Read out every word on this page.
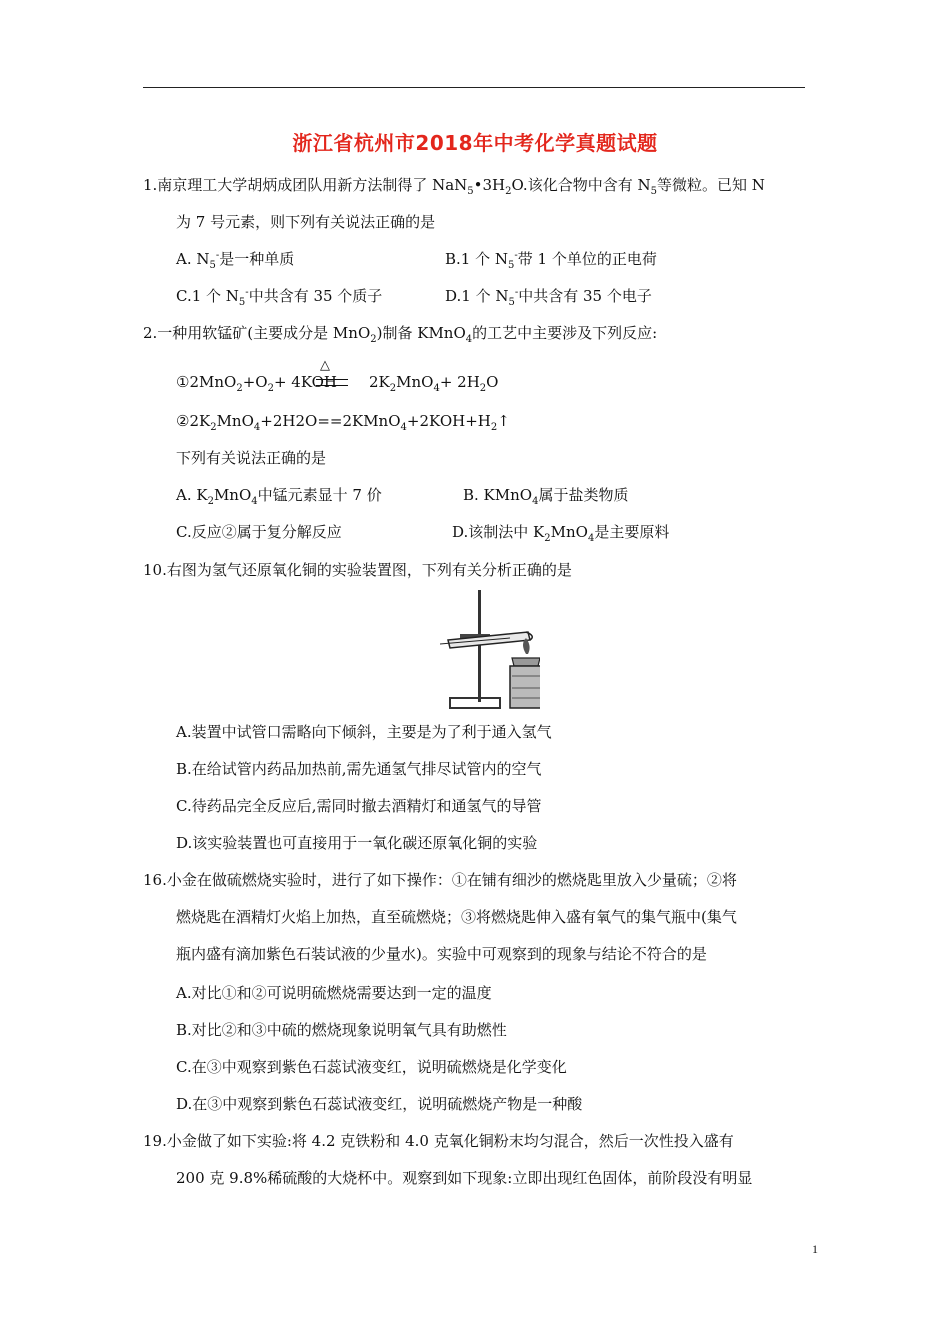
浙江省杭州市2018年中考化学真题试题
1.南京理工大学胡炳成团队用新方法制得了 $NaN_5•3H_2O$.该化合物中含有 $N_5$等微粒。已知 N
为 7 号元素，则下列有关说法正确的是
A. $N_5^-$是一种单质	B.1 个 $N_5^-$带 1 个单位的正电荷
C.1 个 $N_5^-$中共含有 35 个质子	D.1 个 $N_5^-$中共含有 35 个电子
2.一种用软锰矿(主要成分是 MnO$_2$)制备 KMnO$_4$的工艺中主要涉及下列反应:
△
$①2MnO_2+O_2+ 4KOH$ $2K_2MnO_4+ 2H_2O$
$②2K_2MnO_4+2H2O==2KMnO_4+2KOH+H_2↑$
下列有关说法正确的是
A. $K_2MnO_4$中锰元素显十 7 价	B. KMnO$_4$属于盐类物质
C.反应②属于复分解反应	D.该制法中 $K_2MnO_4$是主要原料
10.右图为氢气还原氧化铜的实验装置图，下列有关分析正确的是
A.装置中试管口需略向下倾斜，主要是为了利于通入氢气
B.在给试管内药品加热前,需先通氢气排尽试管内的空气
C.待药品完全反应后,需同时撤去酒精灯和通氢气的导管
D.该实验装置也可直接用于一氧化碳还原氧化铜的实验
16.小金在做硫燃烧实验时，进行了如下操作：①在铺有细沙的燃烧匙里放入少量硫；②将
燃烧匙在酒精灯火焰上加热，直至硫燃烧；③将燃烧匙伸入盛有氧气的集气瓶中(集气
瓶内盛有滴加紫色石装试液的少量水)。实验中可观察到的现象与结论不符合的是
A.对比①和②可说明硫燃烧需要达到一定的温度
B.对比②和③中硫的燃烧现象说明氧气具有助燃性
C.在③中观察到紫色石蕊试液变红，说明硫燃烧是化学变化
D.在③中观察到紫色石蕊试液变红，说明硫燃烧产物是一种酸
19.小金做了如下实验:将 4.2 克铁粉和 4.0 克氧化铜粉末均匀混合，然后一次性投入盛有
200 克 9.8%稀硫酸的大烧杯中。观察到如下现象:立即出现红色固体，前阶段没有明显
1
